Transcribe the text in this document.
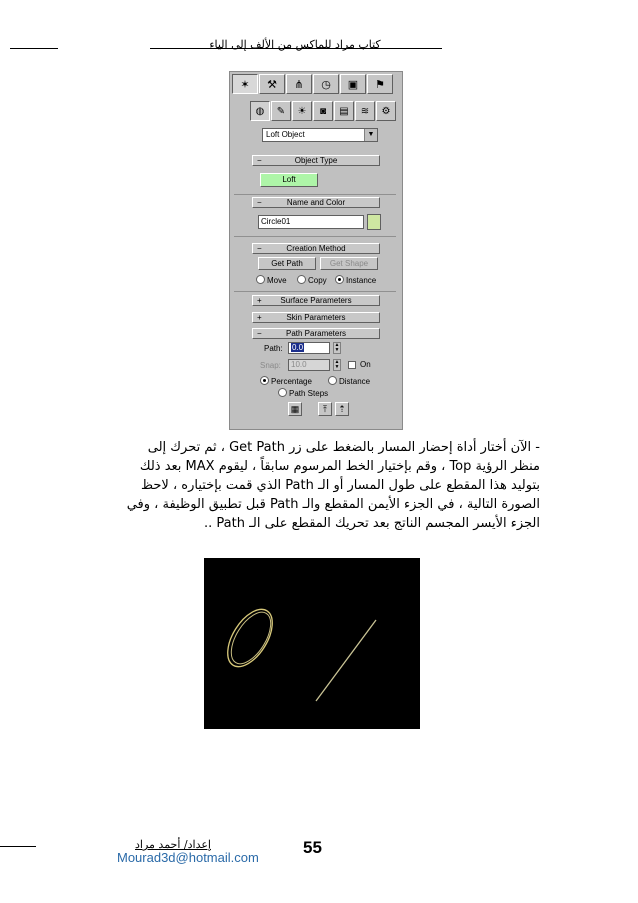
كتاب مراد للماكس من الألف إلى الياء
✶	⚒	⋔	◷	▣	⚑
◍	✎	☀	◙	▤	≋	⚙
Loft Object	▼
−	Object Type
Loft
−	Name and Color
Circle01
−	Creation Method
Get Path	Get Shape
Move	Copy	Instance
+ Surface Parameters
+	Skin Parameters
−	Path Parameters
Path:	0.0	▲
▼
Snap:	10.0	▲
▼	On
Percentage	Distance
Path Steps
▦	⤒	⇡
- الآن أختار أداة إحضار المسار بالضغط على زر Get Path ، ثم تحرك إلى
منظر الرؤية Top ، وقم بإختيار الخط المرسوم سابقاً ، ليقوم MAX بعد ذلك
بتوليد هذا المقطع على طول المسار أو الـ Path الذي قمت بإختياره ، لاحظ
الصورة التالية ، في الجزء الأيمن المقطع والـ Path قبل تطبيق الوظيفة ، وفي
الجزء الأيسر المجسم الناتج بعد تحريك المقطع على الـ Path ..
إعداد/ أحمد مراد
Mourad3d@hotmail.com
55
